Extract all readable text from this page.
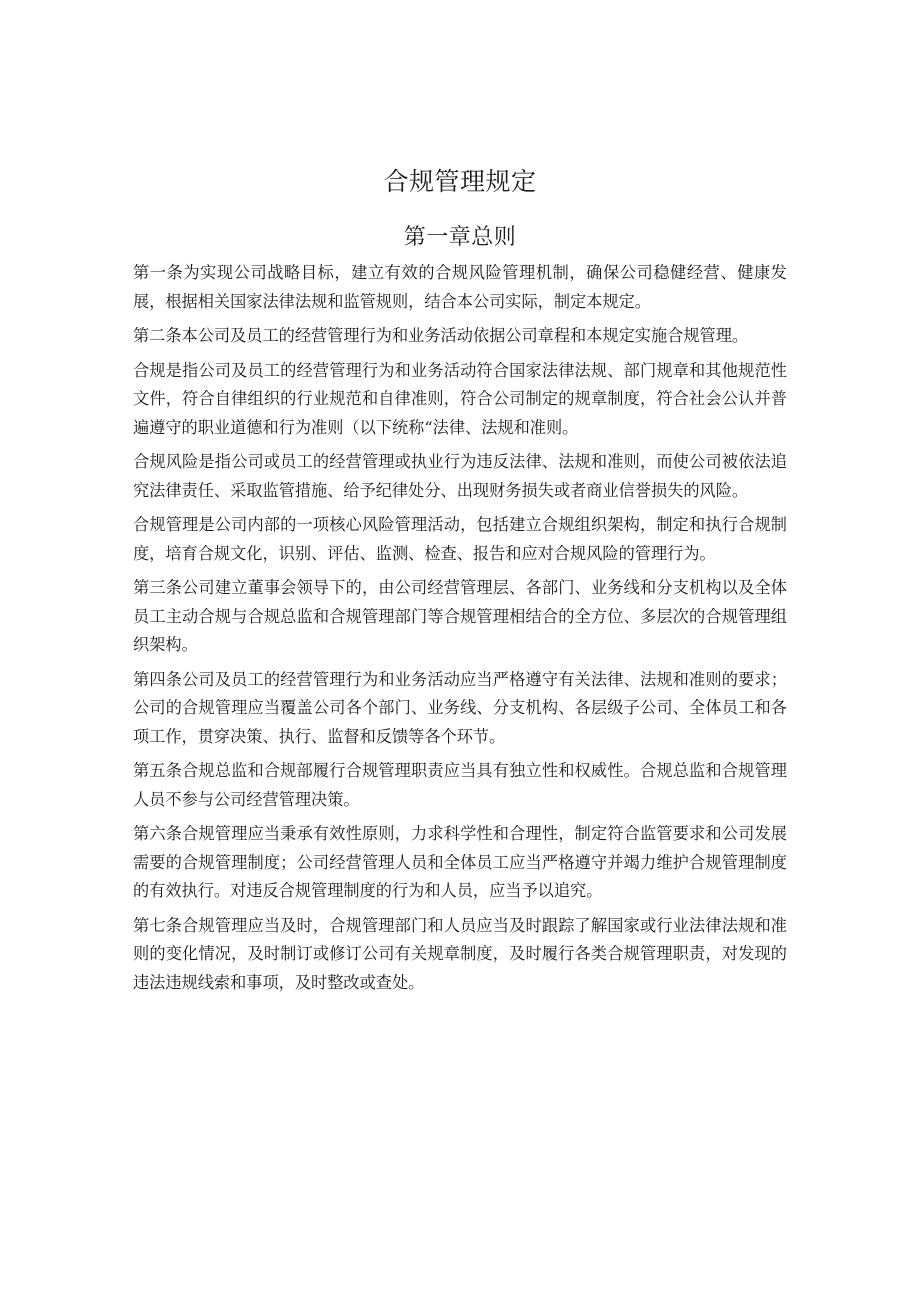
合规管理规定
第一章总则

第一条为实现公司战略目标，建立有效的合规风险管理机制，确保公司稳健经营、健康发展，根据相关国家法律法规和监管规则，结合本公司实际，制定本规定。

第二条本公司及员工的经营管理行为和业务活动依据公司章程和本规定实施合规管理。

合规是指公司及员工的经营管理行为和业务活动符合国家法律法规、部门规章和其他规范性文件，符合自律组织的行业规范和自律准则，符合公司制定的规章制度，符合社会公认并普遍遵守的职业道德和行为准则（以下统称“法律、法规和准则。

合规风险是指公司或员工的经营管理或执业行为违反法律、法规和准则，而使公司被依法追究法律责任、采取监管措施、给予纪律处分、出现财务损失或者商业信誉损失的风险。

合规管理是公司内部的一项核心风险管理活动，包括建立合规组织架构，制定和执行合规制度，培育合规文化，识别、评估、监测、检查、报告和应对合规风险的管理行为。

第三条公司建立董事会领导下的，由公司经营管理层、各部门、业务线和分支机构以及全体员工主动合规与合规总监和合规管理部门等合规管理相结合的全方位、多层次的合规管理组织架构。

第四条公司及员工的经营管理行为和业务活动应当严格遵守有关法律、法规和准则的要求；公司的合规管理应当覆盖公司各个部门、业务线、分支机构、各层级子公司、全体员工和各项工作，贯穿决策、执行、监督和反馈等各个环节。

第五条合规总监和合规部履行合规管理职责应当具有独立性和权威性。合规总监和合规管理人员不参与公司经营管理决策。

第六条合规管理应当秉承有效性原则，力求科学性和合理性，制定符合监管要求和公司发展需要的合规管理制度；公司经营管理人员和全体员工应当严格遵守并竭力维护合规管理制度的有效执行。对违反合规管理制度的行为和人员，应当予以追究。

第七条合规管理应当及时，合规管理部门和人员应当及时跟踪了解国家或行业法律法规和准则的变化情况，及时制订或修订公司有关规章制度，及时履行各类合规管理职责，对发现的违法违规线索和事项，及时整改或查处。
